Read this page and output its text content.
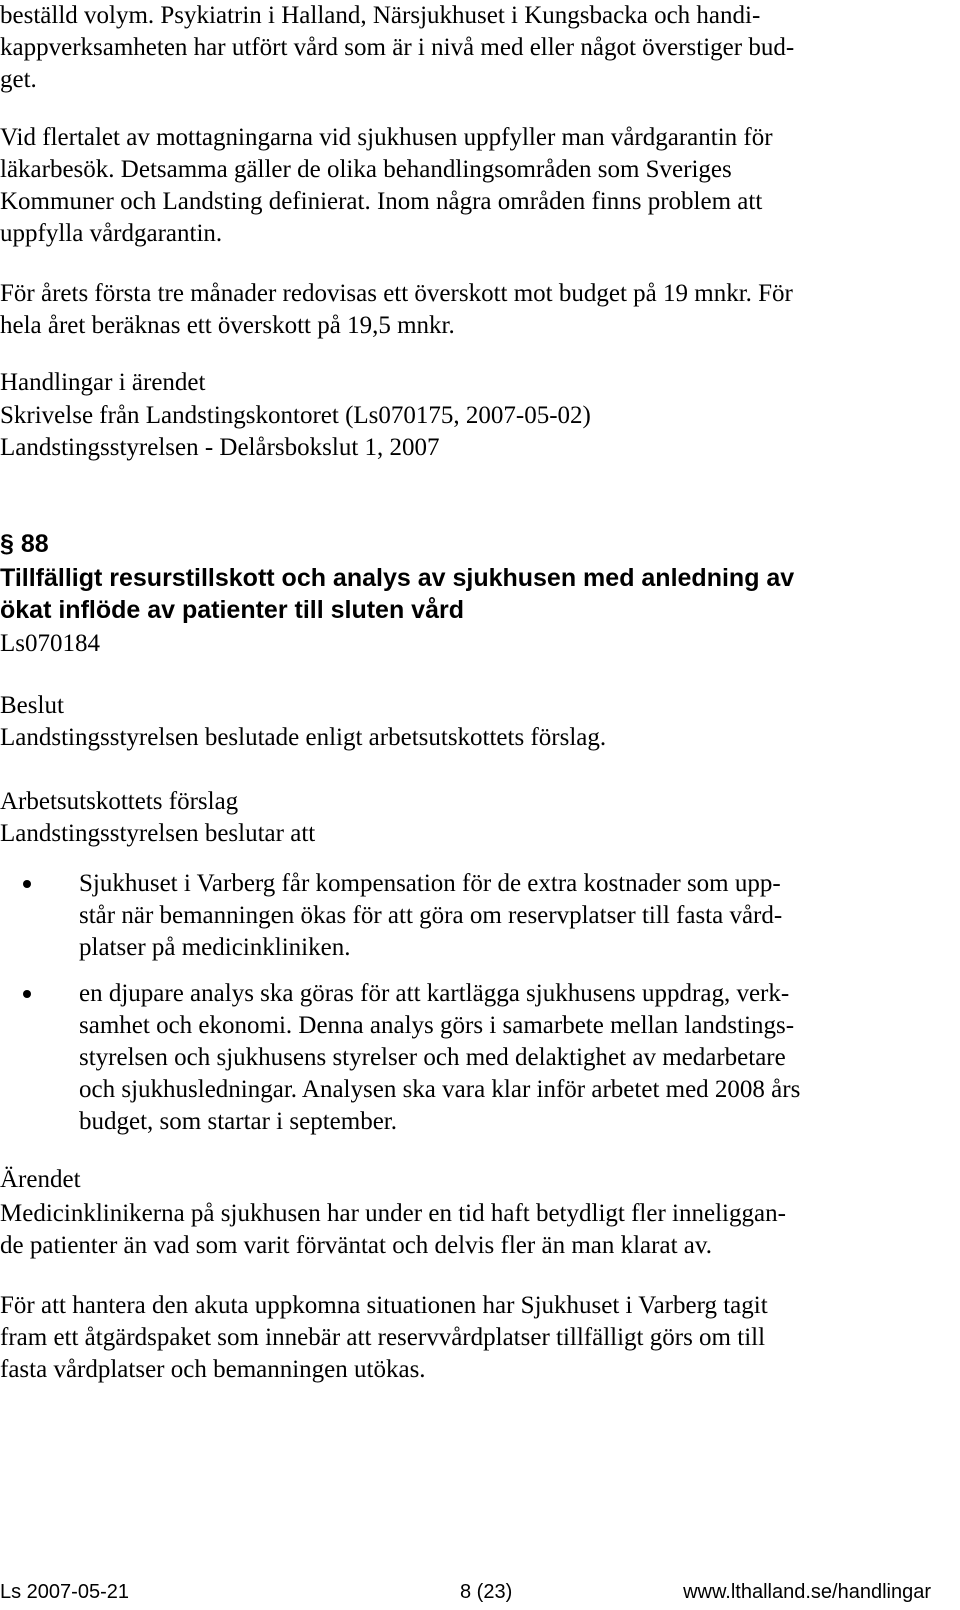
beställd volym. Psykiatrin i Halland, Närsjukhuset i Kungsbacka och handi-
kappverksamheten har utfört vård som är i nivå med eller något överstiger bud-
get.
Vid flertalet av mottagningarna vid sjukhusen uppfyller man vårdgarantin för
läkarbesök. Detsamma gäller de olika behandlingsområden som Sveriges
Kommuner och Landsting definierat. Inom några områden finns problem att
uppfylla vårdgarantin.
För årets första tre månader redovisas ett överskott mot budget på 19 mnkr. För
hela året beräknas ett överskott på 19,5 mnkr.
Handlingar i ärendet
Skrivelse från Landstingskontoret (Ls070175, 2007-05-02)
Landstingsstyrelsen - Delårsbokslut 1, 2007
§ 88
Tillfälligt resurstillskott och analys av sjukhusen med anledning av
ökat inflöde av patienter till sluten vård
Ls070184
Beslut
Landstingsstyrelsen beslutade enligt arbetsutskottets förslag.
Arbetsutskottets förslag
Landstingsstyrelsen beslutar att
Sjukhuset i Varberg får kompensation för de extra kostnader som upp-
står när bemanningen ökas för att göra om reservplatser till fasta vård-
platser på medicinkliniken.
en djupare analys ska göras för att kartlägga sjukhusens uppdrag, verk-
samhet och ekonomi. Denna analys görs i samarbete mellan landstings-
styrelsen och sjukhusens styrelser och med delaktighet av medarbetare
och sjukhusledningar. Analysen ska vara klar inför arbetet med 2008 års
budget, som startar i september.
Ärendet
Medicinklinikerna på sjukhusen har under en tid haft betydligt fler inneliggan-
de patienter än vad som varit förväntat och delvis fler än man klarat av.
För att hantera den akuta uppkomna situationen har Sjukhuset i Varberg tagit
fram ett åtgärdspaket som innebär att reservvårdplatser tillfälligt görs om till
fasta vårdplatser och bemanningen utökas.
Ls 2007-05-21	8 (23)	www.lthalland.se/handlingar
